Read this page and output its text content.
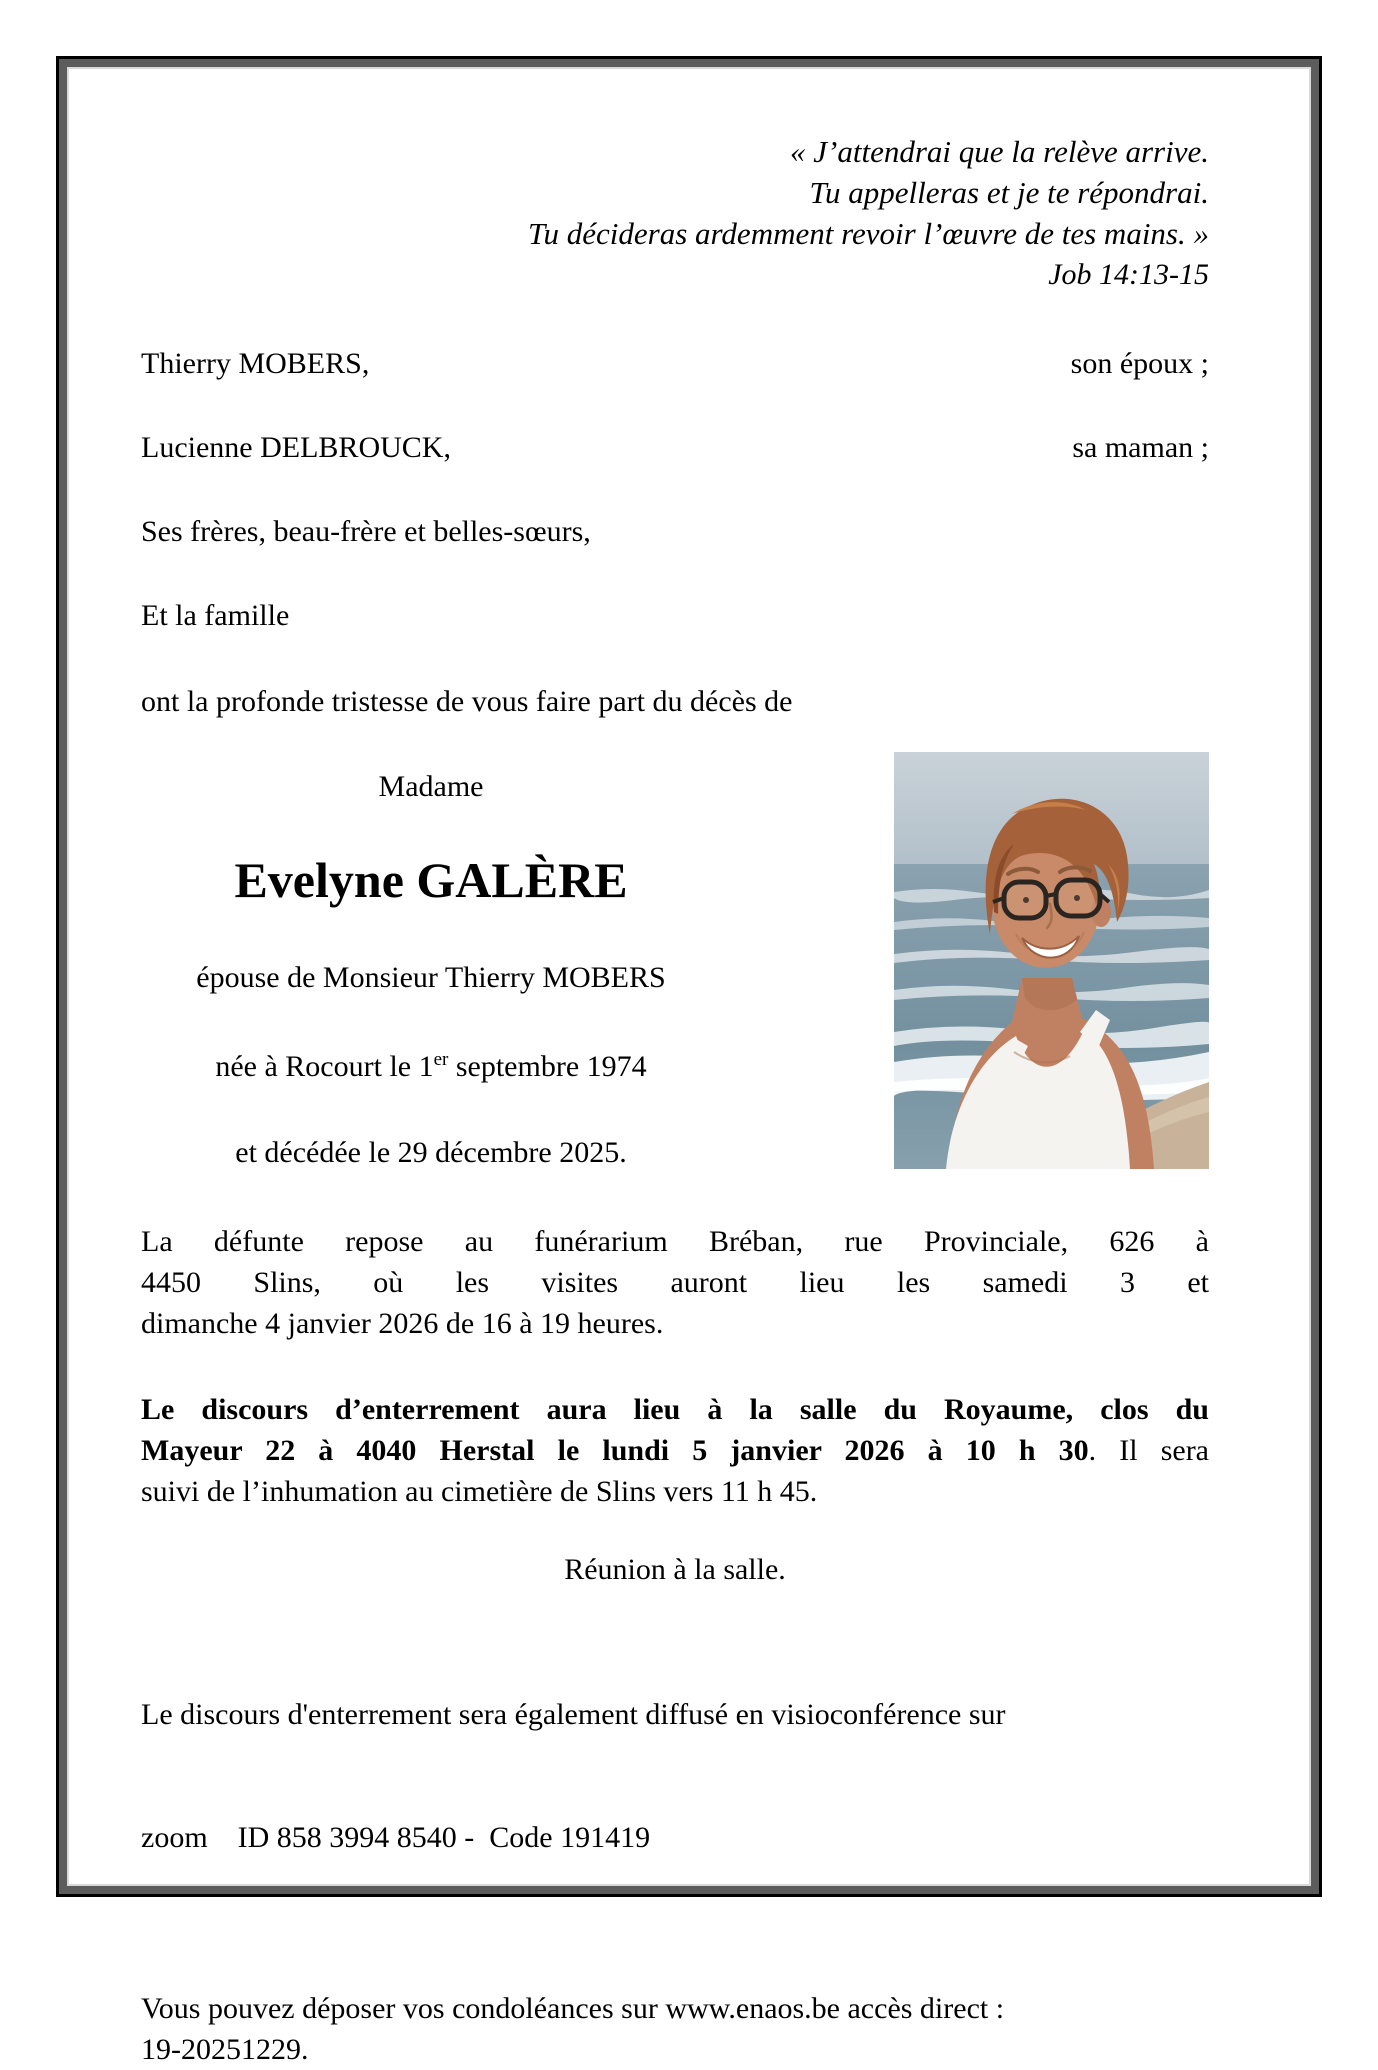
« J’attendrai que la relève arrive.
Tu appelleras et je te répondrai.
Tu décideras ardemment revoir l’œuvre de tes mains. »
Job 14:13-15
Thierry MOBERS,	son époux ;
Lucienne DELBROUCK,	sa maman ;
Ses frères, beau-frère et belles-sœurs,
Et la famille
ont la profonde tristesse de vous faire part du décès de
Madame
Evelyne GALÈRE
épouse de Monsieur Thierry MOBERS
née à Rocourt le 1er septembre 1974
et décédée le 29 décembre 2025.
La défunte repose au funérarium Bréban, rue Provinciale, 626 à
4450 Slins, où les visites auront lieu les samedi 3 et
dimanche 4 janvier 2026 de 16 à 19 heures.
Le discours d’enterrement aura lieu à la salle du Royaume, clos du
Mayeur 22 à 4040 Herstal le lundi 5 janvier 2026 à 10 h 30. Il sera
suivi de l’inhumation au cimetière de Slins vers 11 h 45.
Réunion à la salle.

Le discours d'enterrement sera également diffusé en visioconférence sur

zoom    ID 858 3994 8540 -  Code 191419

Vous pouvez déposer vos condoléances sur www.enaos.be accès direct :
19-20251229.
